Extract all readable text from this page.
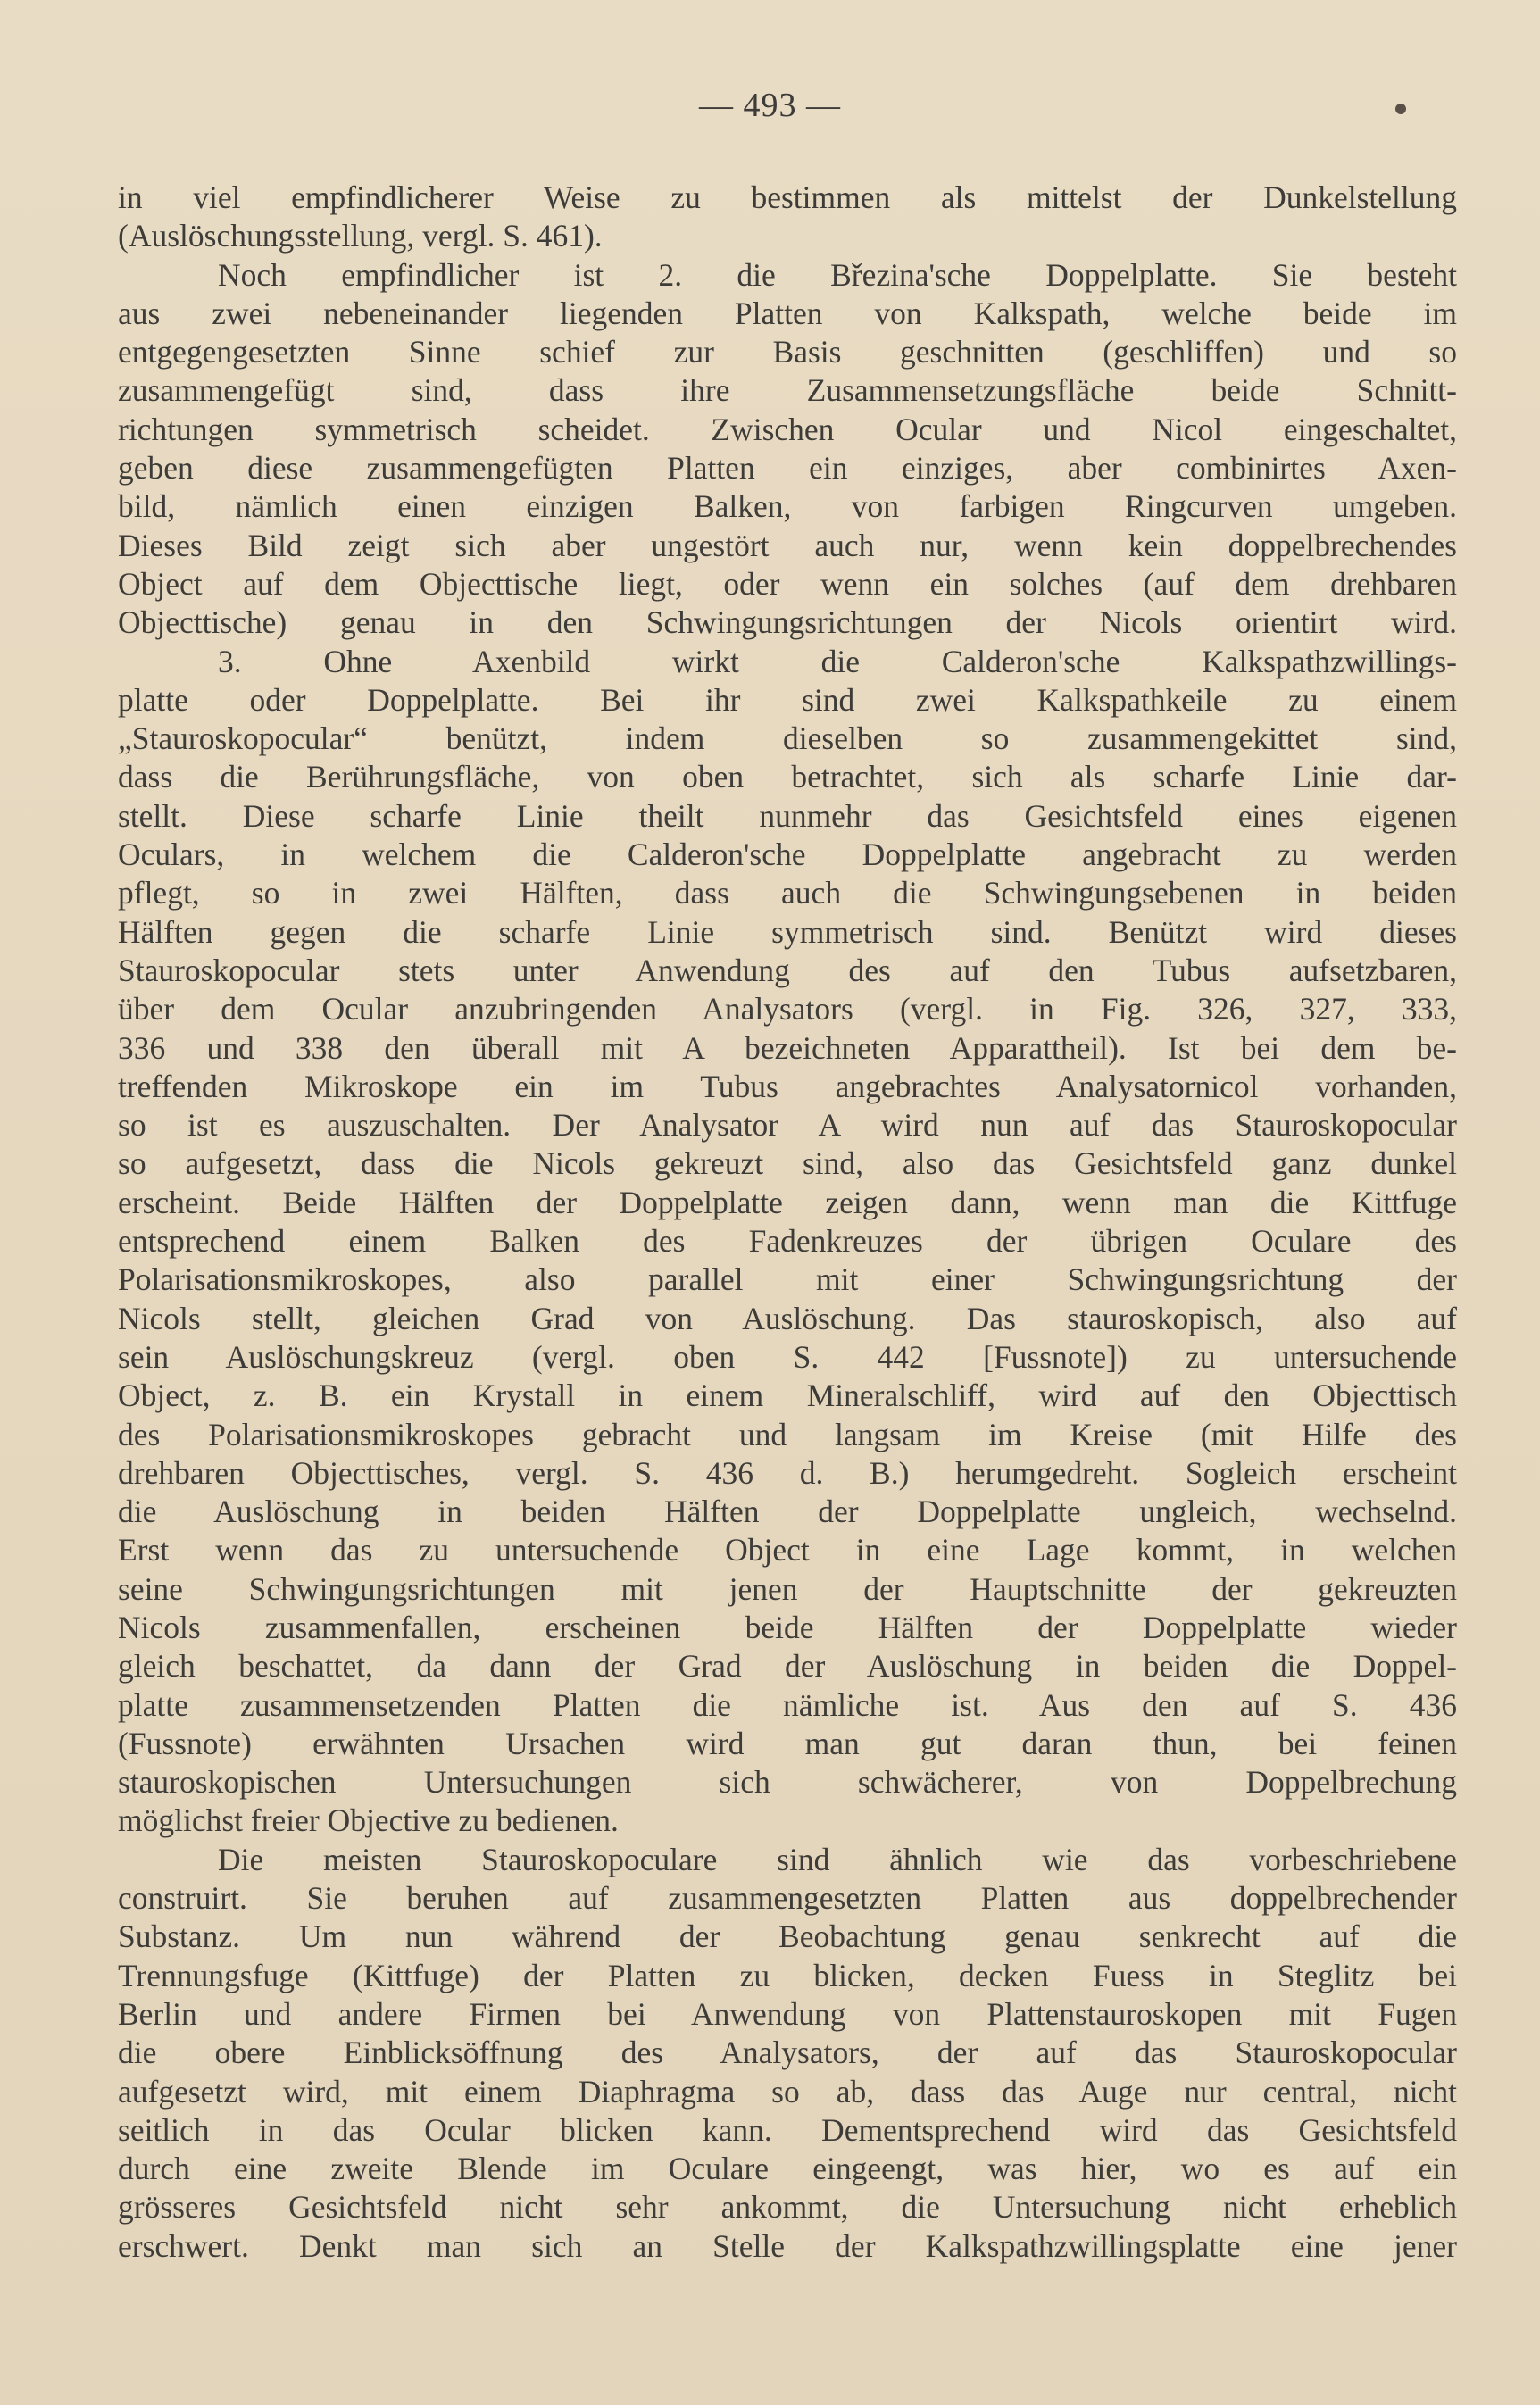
— 493 —
in viel empfindlicherer Weise zu bestimmen als mittelst der Dunkelstellung
(Auslöschungsstellung, vergl. S. 461).
Noch empfindlicher ist 2. die Březina'sche Doppelplatte. Sie besteht
aus zwei nebeneinander liegenden Platten von Kalkspath, welche beide im
entgegengesetzten Sinne schief zur Basis geschnitten (geschliffen) und so
zusammengefügt sind, dass ihre Zusammensetzungsfläche beide Schnitt-
richtungen symmetrisch scheidet. Zwischen Ocular und Nicol eingeschaltet,
geben diese zusammengefügten Platten ein einziges, aber combinirtes Axen-
bild, nämlich einen einzigen Balken, von farbigen Ringcurven umgeben.
Dieses Bild zeigt sich aber ungestört auch nur, wenn kein doppelbrechendes
Object auf dem Objecttische liegt, oder wenn ein solches (auf dem drehbaren
Objecttische) genau in den Schwingungsrichtungen der Nicols orientirt wird.
3. Ohne Axenbild wirkt die Calderon'sche Kalkspathzwillings-
platte oder Doppelplatte. Bei ihr sind zwei Kalkspathkeile zu einem
„Stauroskopocular“ benützt, indem dieselben so zusammengekittet sind,
dass die Berührungsfläche, von oben betrachtet, sich als scharfe Linie dar-
stellt. Diese scharfe Linie theilt nunmehr das Gesichtsfeld eines eigenen
Oculars, in welchem die Calderon'sche Doppelplatte angebracht zu werden
pflegt, so in zwei Hälften, dass auch die Schwingungsebenen in beiden
Hälften gegen die scharfe Linie symmetrisch sind. Benützt wird dieses
Stauroskopocular stets unter Anwendung des auf den Tubus aufsetzbaren,
über dem Ocular anzubringenden Analysators (vergl. in Fig. 326, 327, 333,
336 und 338 den überall mit A bezeichneten Apparattheil). Ist bei dem be-
treffenden Mikroskope ein im Tubus angebrachtes Analysatornicol vorhanden,
so ist es auszuschalten. Der Analysator A wird nun auf das Stauroskopocular
so aufgesetzt, dass die Nicols gekreuzt sind, also das Gesichtsfeld ganz dunkel
erscheint. Beide Hälften der Doppelplatte zeigen dann, wenn man die Kittfuge
entsprechend einem Balken des Fadenkreuzes der übrigen Oculare des
Polarisationsmikroskopes, also parallel mit einer Schwingungsrichtung der
Nicols stellt, gleichen Grad von Auslöschung. Das stauroskopisch, also auf
sein Auslöschungskreuz (vergl. oben S. 442 [Fussnote]) zu untersuchende
Object, z. B. ein Krystall in einem Mineralschliff, wird auf den Objecttisch
des Polarisationsmikroskopes gebracht und langsam im Kreise (mit Hilfe des
drehbaren Objecttisches, vergl. S. 436 d. B.) herumgedreht. Sogleich erscheint
die Auslöschung in beiden Hälften der Doppelplatte ungleich, wechselnd.
Erst wenn das zu untersuchende Object in eine Lage kommt, in welchen
seine Schwingungsrichtungen mit jenen der Hauptschnitte der gekreuzten
Nicols zusammenfallen, erscheinen beide Hälften der Doppelplatte wieder
gleich beschattet, da dann der Grad der Auslöschung in beiden die Doppel-
platte zusammensetzenden Platten die nämliche ist. Aus den auf S. 436
(Fussnote) erwähnten Ursachen wird man gut daran thun, bei feinen
stauroskopischen Untersuchungen sich schwächerer, von Doppelbrechung
möglichst freier Objective zu bedienen.
Die meisten Stauroskopoculare sind ähnlich wie das vorbeschriebene
construirt. Sie beruhen auf zusammengesetzten Platten aus doppelbrechender
Substanz. Um nun während der Beobachtung genau senkrecht auf die
Trennungsfuge (Kittfuge) der Platten zu blicken, decken Fuess in Steglitz bei
Berlin und andere Firmen bei Anwendung von Plattenstauroskopen mit Fugen
die obere Einblicksöffnung des Analysators, der auf das Stauroskopocular
aufgesetzt wird, mit einem Diaphragma so ab, dass das Auge nur central, nicht
seitlich in das Ocular blicken kann. Dementsprechend wird das Gesichtsfeld
durch eine zweite Blende im Oculare eingeengt, was hier, wo es auf ein
grösseres Gesichtsfeld nicht sehr ankommt, die Untersuchung nicht erheblich
erschwert. Denkt man sich an Stelle der Kalkspathzwillingsplatte eine jener
